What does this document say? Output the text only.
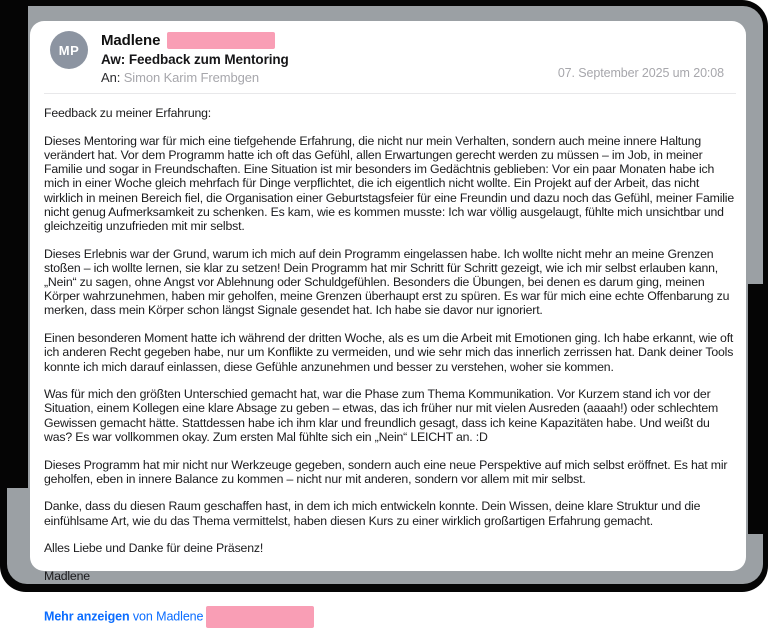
MP
Madlene
Aw: Feedback zum Mentoring
An: Simon Karim Frembgen	07. September 2025 um 20:08

Feedback zu meiner Erfahrung:

Dieses Mentoring war für mich eine tiefgehende Erfahrung, die nicht nur mein Verhalten, sondern auch meine innere Haltung verändert hat. Vor dem Programm hatte ich oft das Gefühl, allen Erwartungen gerecht werden zu müssen – im Job, in meiner Familie und sogar in Freundschaften. Eine Situation ist mir besonders im Gedächtnis geblieben: Vor ein paar Monaten habe ich mich in einer Woche gleich mehrfach für Dinge verpflichtet, die ich eigentlich nicht wollte. Ein Projekt auf der Arbeit, das nicht wirklich in meinen Bereich fiel, die Organisation einer Geburtstagsfeier für eine Freundin und dazu noch das Gefühl, meiner Familie nicht genug Aufmerksamkeit zu schenken. Es kam, wie es kommen musste: Ich war völlig ausgelaugt, fühlte mich unsichtbar und gleichzeitig unzufrieden mit mir selbst.

Dieses Erlebnis war der Grund, warum ich mich auf dein Programm eingelassen habe. Ich wollte nicht mehr an meine Grenzen stoßen – ich wollte lernen, sie klar zu setzen! Dein Programm hat mir Schritt für Schritt gezeigt, wie ich mir selbst erlauben kann, „Nein“ zu sagen, ohne Angst vor Ablehnung oder Schuldgefühlen. Besonders die Übungen, bei denen es darum ging, meinen Körper wahrzunehmen, haben mir geholfen, meine Grenzen überhaupt erst zu spüren. Es war für mich eine echte Offenbarung zu merken, dass mein Körper schon längst Signale gesendet hat. Ich habe sie davor nur ignoriert.

Einen besonderen Moment hatte ich während der dritten Woche, als es um die Arbeit mit Emotionen ging. Ich habe erkannt, wie oft ich anderen Recht gegeben habe, nur um Konflikte zu vermeiden, und wie sehr mich das innerlich zerrissen hat. Dank deiner Tools konnte ich mich darauf einlassen, diese Gefühle anzunehmen und besser zu verstehen, woher sie kommen.

Was für mich den größten Unterschied gemacht hat, war die Phase zum Thema Kommunikation. Vor Kurzem stand ich vor der Situation, einem Kollegen eine klare Absage zu geben – etwas, das ich früher nur mit vielen Ausreden (aaaah!) oder schlechtem Gewissen gemacht hätte. Stattdessen habe ich ihm klar und freundlich gesagt, dass ich keine Kapazitäten habe. Und weißt du was? Es war vollkommen okay. Zum ersten Mal fühlte sich ein „Nein“ LEICHT an. :D

Dieses Programm hat mir nicht nur Werkzeuge gegeben, sondern auch eine neue Perspektive auf mich selbst eröffnet. Es hat mir geholfen, eben in innere Balance zu kommen – nicht nur mit anderen, sondern vor allem mit mir selbst.

Danke, dass du diesen Raum geschaffen hast, in dem ich mich entwickeln konnte. Dein Wissen, deine klare Struktur und die einfühlsame Art, wie du das Thema vermittelst, haben diesen Kurs zu einer wirklich großartigen Erfahrung gemacht.

Alles Liebe und Danke für deine Präsenz!

Madlene

Mehr anzeigen von Madlene
